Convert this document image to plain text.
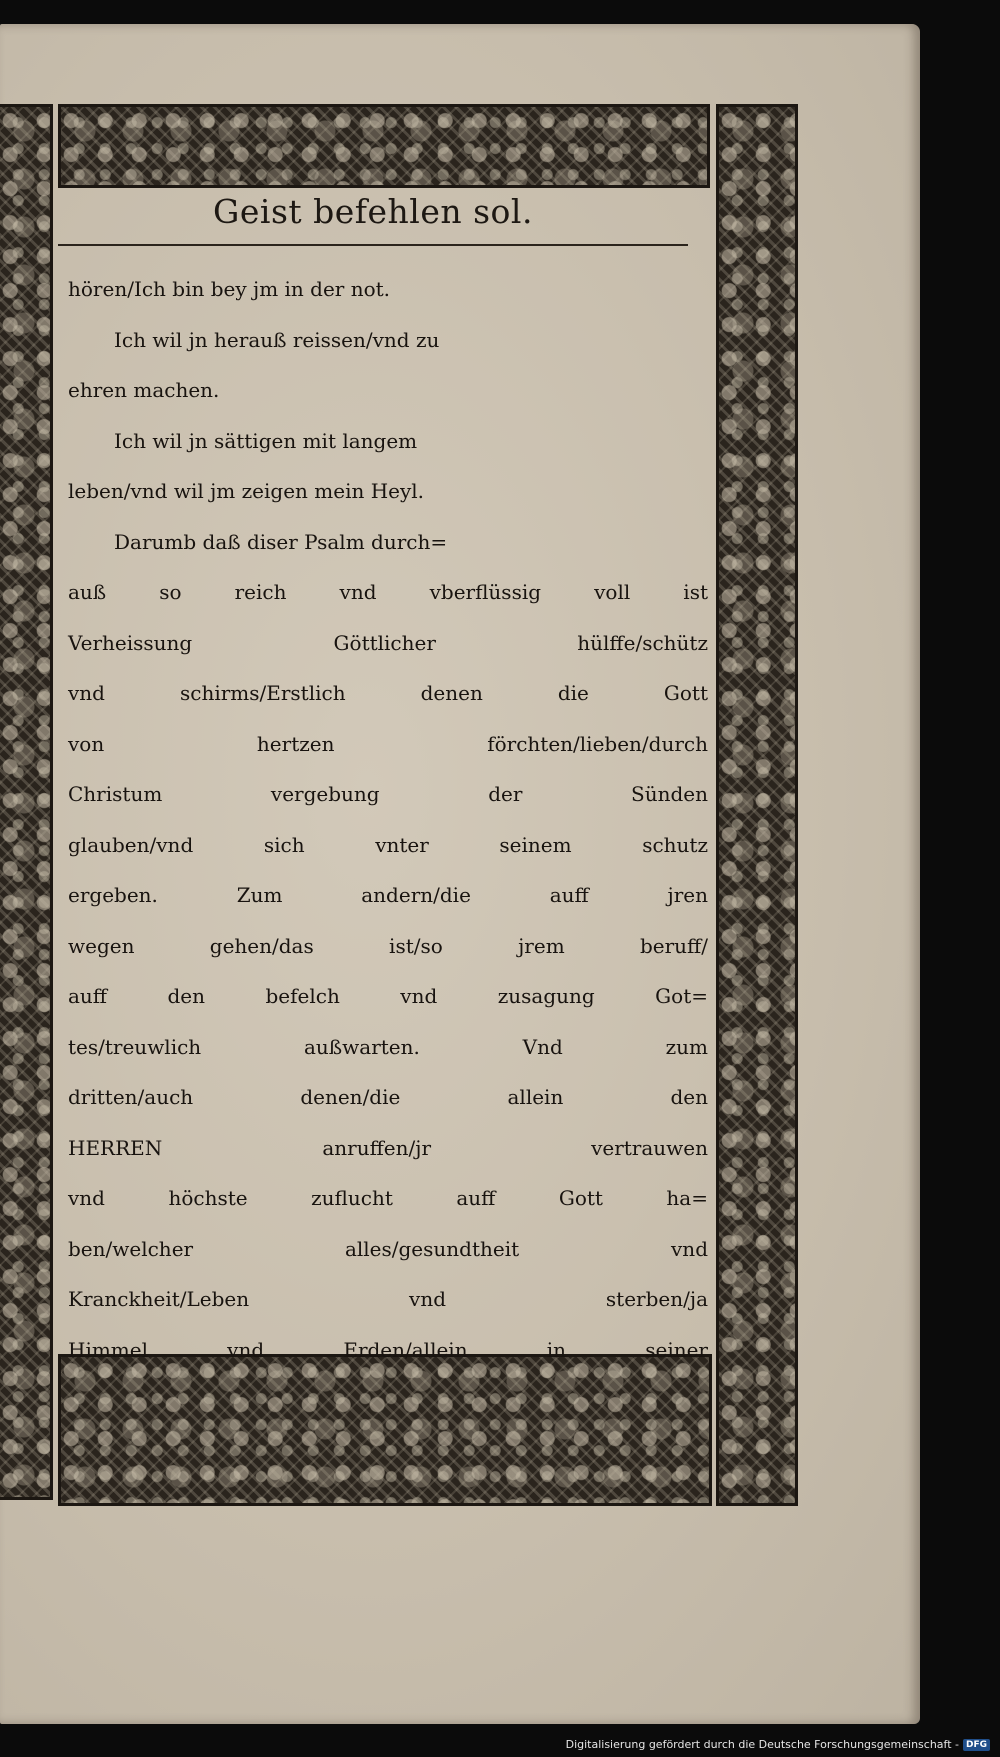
Geist befehlen sol.
hören/Ich bin bey jm in der not.
Ich wil jn herauß reissen/vnd zu
ehren machen.
Ich wil jn sättigen mit langem
leben/vnd wil jm zeigen mein Heyl.
Darumb daß diser Psalm durch=
auß so reich vnd vberflüssig voll ist
Verheissung Göttlicher hülffe/schütz
vnd schirms/Erstlich denen die Gott
von hertzen förchten/lieben/durch
Christum vergebung der Sünden
glauben/vnd sich vnter seinem schutz
ergeben. Zum andern/die auff jren
wegen gehen/das ist/so jrem beruff/
auff den befelch vnd zusagung Got=
tes/treuwlich außwarten. Vnd zum
dritten/auch denen/die allein den
HERREN anruffen/jr vertrauwen
vnd höchste zuflucht auff Gott ha=
ben/welcher alles/gesundtheit vnd
Kranckheit/Leben vnd sterben/ja
Himmel vnd Erden/allein in seiner
Digitalisierung gefördert durch die Deutsche Forschungsgemeinschaft - DFG
